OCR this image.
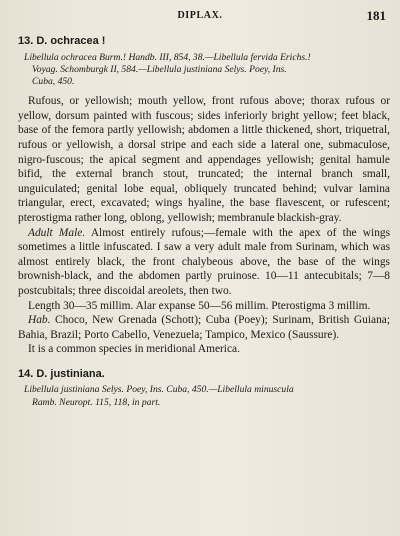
DIPLAX.	181
13. D. ochracea !
Libellula ochracea Burm.! Handb. III, 854, 38.—Libellula fervida Erichs.!
Voyag. Schomburgk II, 584.—Libellula justiniana Selys. Poey, Ins.
Cuba, 450.

Rufous, or yellowish; mouth yellow, front rufous above; thorax rufous or yellow, dorsum painted with fuscous; sides inferiorly bright yellow; feet black, base of the femora partly yellowish; abdomen a little thickened, short, triquetral, rufous or yellowish, a dorsal stripe and each side a lateral one, submaculose, nigro-fuscous; the apical segment and appendages yellowish; genital hamule bifid, the external branch stout, truncated; the internal branch small, unguiculated; genital lobe equal, obliquely truncated behind; vulvar lamina triangular, erect, excavated; wings hyaline, the base flavescent, or rufescent; pterostigma rather long, oblong, yellowish; membranule blackish-gray.

Adult Male. Almost entirely rufous;—female with the apex of the wings sometimes a little infuscated. I saw a very adult male from Surinam, which was almost entirely black, the front chalybeous above, the base of the wings brownish-black, and the abdomen partly pruinose. 10—11 antecubitals; 7—8 postcubitals; three discoidal areolets, then two.

Length 30—35 millim. Alar expanse 50—56 millim. Pterostigma 3 millim.

Hab. Choco, New Grenada (Schott); Cuba (Poey); Surinam, British Guiana; Bahia, Brazil; Porto Cabello, Venezuela; Tampico, Mexico (Saussure).

It is a common species in meridional America.

14. D. justiniana.
Libellula justiniana Selys. Poey, Ins. Cuba, 450.—Libellula minuscula
Ramb. Neuropt. 115, 118, in part.
